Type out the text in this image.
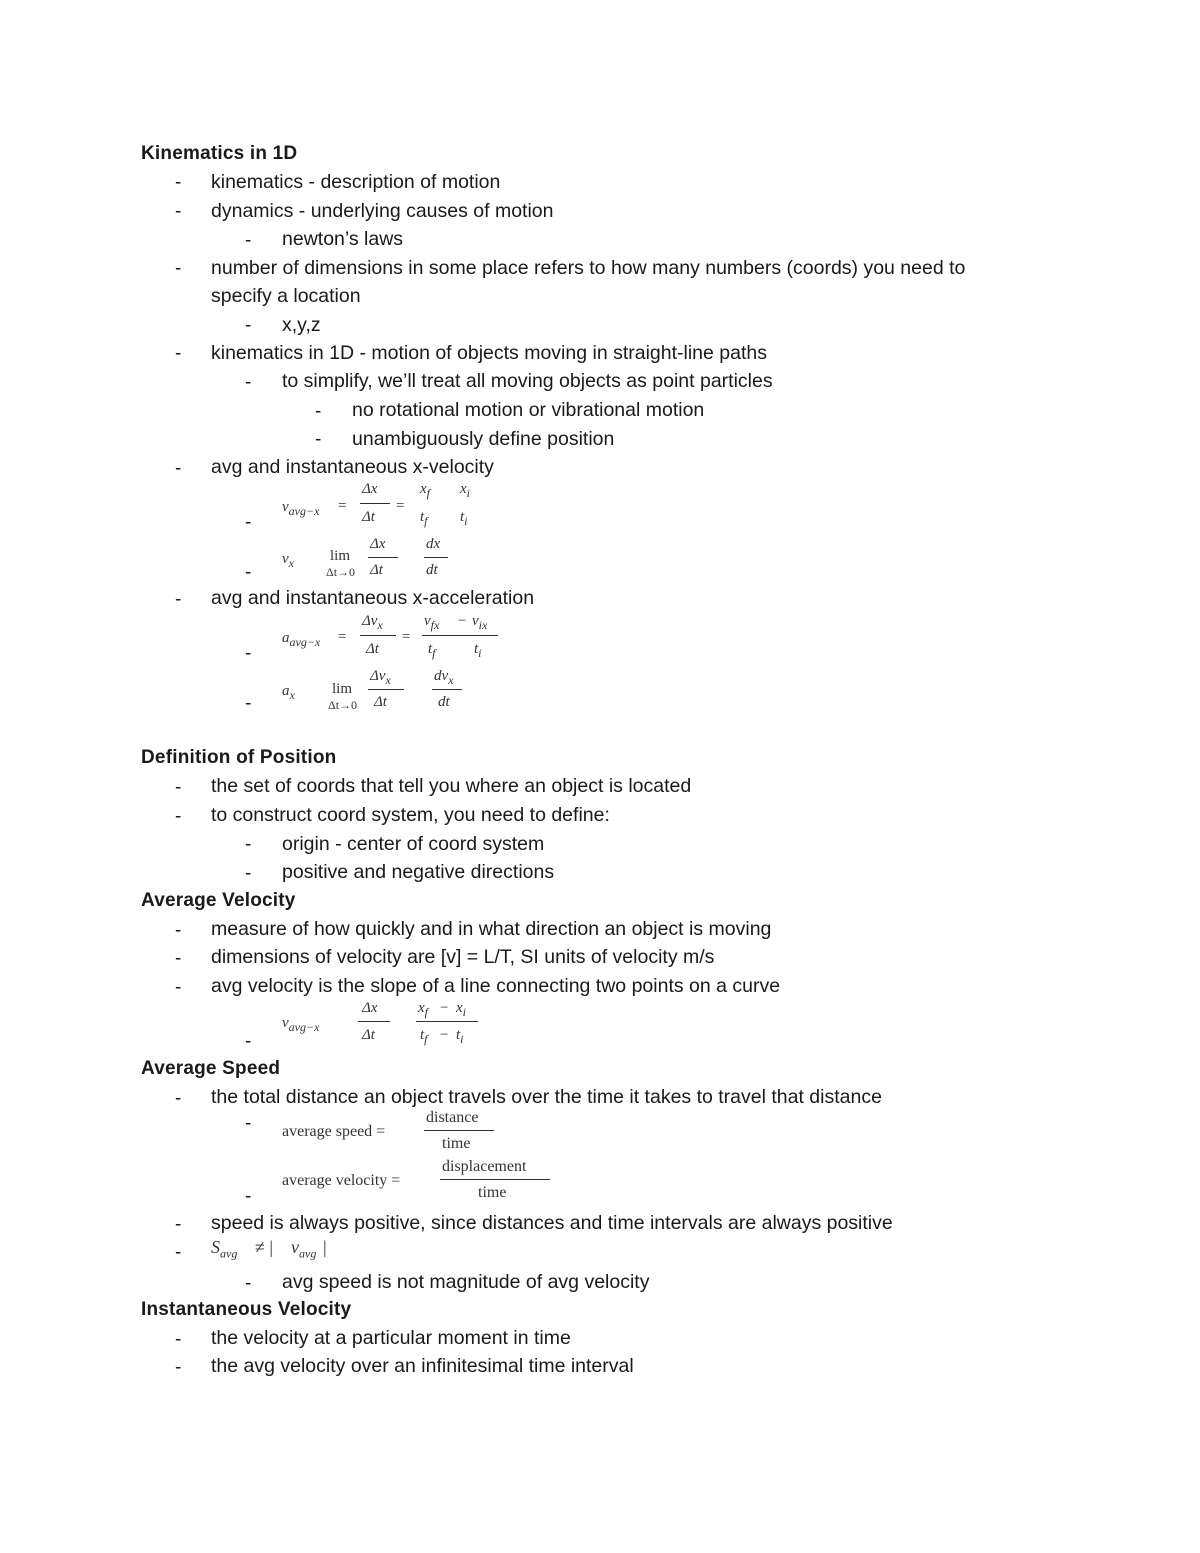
Kinematics in 1D
- kinematics - description of motion
- dynamics - underlying causes of motion
- newton’s laws
- number of dimensions in some place refers to how many numbers (coords) you need to
specify a location
- x,y,z
- kinematics in 1D - motion of objects moving in straight-line paths
- to simplify, we’ll treat all moving objects as point particles
- no rotational motion or vibrational motion
- unambiguously define position
- avg and instantaneous x-velocity
-
$v_{avg-x}$ =
Δx
Δt
=
$x_f$ $x_i$
$t_f$ $t_i$
-
$v_x$ lim
Δt→0
Δx
Δt
dx
dt
- avg and instantaneous x-acceleration
-
$a_{avg-x}$ =
$\Delta v_x$
Δt
=
$v_{fx} - v_{ix}$
$t_f$	$t_i$
-
$a_x$ lim
Δt→0
$\Delta v_x$
Δt
$dv_x$
dt
Definition of Position
- the set of coords that tell you where an object is located
- to construct coord system, you need to define:
- origin - center of coord system
- positive and negative directions
Average Velocity
- measure of how quickly and in what direction an object is moving
- dimensions of velocity are [v] = L/T, SI units of velocity m/s
- avg velocity is the slope of a line connecting two points on a curve
-
$v_{avg-x}$
Δx
Δt
$x_f - x_i$
$t_f - t_i$
Average Speed
- the total distance an object travels over the time it takes to travel that distance
- average speed =
distance
time
-
average velocity =
displacement
time
- speed is always positive, since distances and time intervals are always positive
- $S_{avg}$ ≠ | $v_{avg}$ |
- avg speed is not magnitude of avg velocity
Instantaneous Velocity
- the velocity at a particular moment in time
- the avg velocity over an infinitesimal time interval
